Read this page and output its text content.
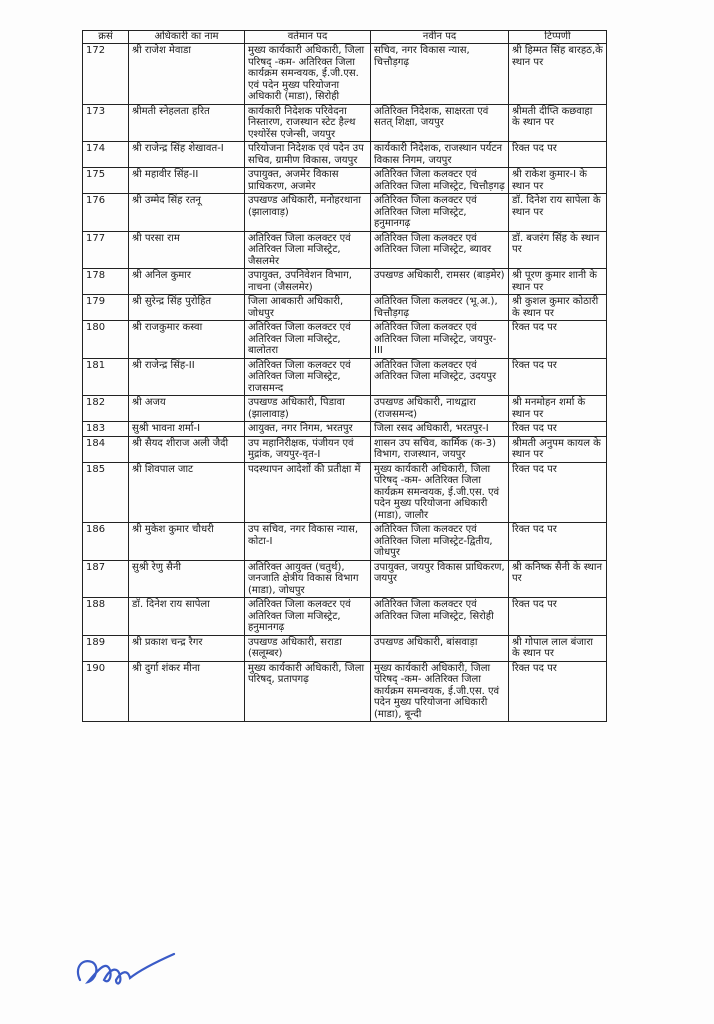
क्रसं	अधिकारी का नाम	वर्तमान पद	नवीन पद	टिप्पणी
172	श्री राजेश मेवाडा	मुख्य कार्यकारी अधिकारी, जिला परिषद् -कम- अतिरिक्त जिला कार्यक्रम समन्वयक, ई.जी.एस. एवं पदेन मुख्य परियोजना अधिकारी (माडा), सिरोही	सचिव, नगर विकास न्यास, चित्तौड़गढ़	श्री हिम्मत सिंह बारहठ,के स्थान पर
173	श्रीमती स्नेहलता हरित	कार्यकारी निदेशक परिवेदना निस्तारण, राजस्थान स्टेट हैल्थ एश्योरेंस एजेन्सी, जयपुर	अतिरिक्त निदेशक, साक्षरता एवं सतत् शिक्षा, जयपुर	श्रीमती दीप्ति कछवाहा के स्थान पर
174	श्री राजेन्द्र सिंह शेखावत-I	परियोजना निदेशक एवं पदेन उप सचिव, ग्रामीण विकास, जयपुर	कार्यकारी निदेशक, राजस्थान पर्यटन विकास निगम, जयपुर	रिक्त पद पर
175	श्री महावीर सिंह-II	उपायुक्त, अजमेर विकास प्राधिकरण, अजमेर	अतिरिक्त जिला कलक्टर एवं अतिरिक्त जिला मजिस्ट्रेट, चित्तौड़गढ़	श्री राकेश कुमार-I के स्थान पर
176	श्री उम्मेद सिंह रतनू	उपखण्ड अधिकारी, मनोहरथाना (झालावाड़)	अतिरिक्त जिला कलक्टर एवं अतिरिक्त जिला मजिस्ट्रेट, हनुमानगढ़	डॉ. दिनेश राय सापेला के स्थान पर
177	श्री परसा राम	अतिरिक्त जिला कलक्टर एवं अतिरिक्त जिला मजिस्ट्रेट, जैसलमेर	अतिरिक्त जिला कलक्टर एवं अतिरिक्त जिला मजिस्ट्रेट, ब्यावर	डॉ. बजरंग सिंह के स्थान पर
178	श्री अनिल कुमार	उपायुक्त, उपनिवेशन विभाग, नाचना (जैसलमेर)	उपखण्ड अधिकारी, रामसर (बाड़मेर)	श्री पूरण कुमार शानी के स्थान पर
179	श्री सुरेन्द्र सिंह पुरोहित	जिला आबकारी अधिकारी, जोधपुर	अतिरिक्त जिला कलक्टर (भू.अ.), चित्तौड़गढ़	श्री कुशल कुमार कोठारी के स्थान पर
180	श्री राजकुमार कस्वा	अतिरिक्त जिला कलक्टर एवं अतिरिक्त जिला मजिस्ट्रेट, बालोतरा	अतिरिक्त जिला कलक्टर एवं अतिरिक्त जिला मजिस्ट्रेट, जयपुर-III	रिक्त पद पर
181	श्री राजेन्द्र सिंह-II	अतिरिक्त जिला कलक्टर एवं अतिरिक्त जिला मजिस्ट्रेट, राजसमन्द	अतिरिक्त जिला कलक्टर एवं अतिरिक्त जिला मजिस्ट्रेट, उदयपुर	रिक्त पद पर
182	श्री अजय	उपखण्ड अधिकारी, पिडावा (झालावाड़)	उपखण्ड अधिकारी, नाथद्वारा (राजसमन्द)	श्री मनमोहन शर्मा के स्थान पर
183	सुश्री भावना शर्मा-I	आयुक्त, नगर निगम, भरतपुर	जिला रसद अधिकारी, भरतपुर-I	रिक्त पद पर
184	श्री सैयद शीराज अली जैदी	उप महानिरीक्षक, पंजीयन एवं मुद्रांक, जयपुर-वृत-I	शासन उप सचिव, कार्मिक (क-3) विभाग, राजस्थान, जयपुर	श्रीमती अनुपम कायल के स्थान पर
185	श्री शिवपाल जाट	पदस्थापन आदेशों की प्रतीक्षा में	मुख्य कार्यकारी अधिकारी, जिला परिषद् -कम- अतिरिक्त जिला कार्यक्रम समन्वयक, ई.जी.एस. एवं पदेन मुख्य परियोजना अधिकारी (माडा), जालौर	रिक्त पद पर
186	श्री मुकेश कुमार चौधरी	उप सचिव, नगर विकास न्यास, कोटा-I	अतिरिक्त जिला कलक्टर एवं अतिरिक्त जिला मजिस्ट्रेट-द्वितीय, जोधपुर	रिक्त पद पर
187	सुश्री रेणु सैनी	अतिरिक्त आयुक्त (चतुर्थ), जनजाति क्षेत्रीय विकास विभाग (माडा), जोधपुर	उपायुक्त, जयपुर विकास प्राधिकरण, जयपुर	श्री कनिष्क सैनी के स्थान पर
188	डॉ. दिनेश राय सापेला	अतिरिक्त जिला कलक्टर एवं अतिरिक्त जिला मजिस्ट्रेट, हनुमानगढ़	अतिरिक्त जिला कलक्टर एवं अतिरिक्त जिला मजिस्ट्रेट, सिरोही	रिक्त पद पर
189	श्री प्रकाश चन्द्र रैगर	उपखण्ड अधिकारी, सराडा (सलूम्बर)	उपखण्ड अधिकारी, बांसवाड़ा	श्री गोपाल लाल बंजारा के स्थान पर
190	श्री दुर्गा शंकर मीना	मुख्य कार्यकारी अधिकारी, जिला परिषद्, प्रतापगढ़	मुख्य कार्यकारी अधिकारी, जिला परिषद् -कम- अतिरिक्त जिला कार्यक्रम समन्वयक, ई.जी.एस. एवं पदेन मुख्य परियोजना अधिकारी (माडा), बून्दी	रिक्त पद पर
